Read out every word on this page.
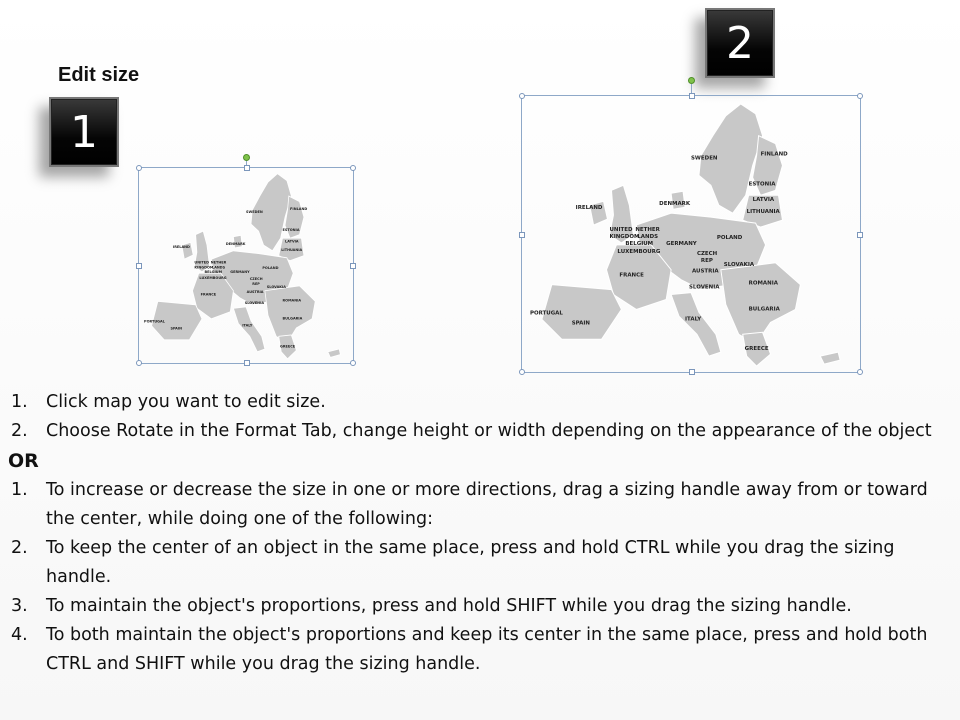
Edit size
1
2
FINLAND
SWEDEN
ESTONIA
LATVIA
LITHUANIA
IRELAND
DENMARK
UNITED
KINGDOM
NETHER
LANDS
BELGIUM
LUXEMBOURG
GERMANY
POLAND
CZECH
REP
SLOVAKIA
AUSTRIA
FRANCE
SLOVENIA
ROMANIA
BULGARIA
ITALY
PORTUGAL
SPAIN
GREECE
FINLAND
SWEDEN
ESTONIA
LATVIA
LITHUANIA
IRELAND
DENMARK
UNITED
KINGDOM
NETHER
LANDS
BELGIUM
LUXEMBOURG
GERMANY
POLAND
CZECH
REP
SLOVAKIA
AUSTRIA
FRANCE
SLOVENIA
ROMANIA
BULGARIA
ITALY
PORTUGAL
SPAIN
GREECE
1. Click map you want to edit size.
2. Choose Rotate in the Format Tab, change height or width depending on the appearance of the object
OR
1. To increase or decrease the size in one or more directions, drag a sizing handle away from or toward the center, while doing one of the following:
2. To keep the center of an object in the same place, press and hold CTRL while you drag the sizing handle.
3. To maintain the object's proportions, press and hold SHIFT while you drag the sizing handle.
4. To both maintain the object's proportions and keep its center in the same place, press and hold both CTRL and SHIFT while you drag the sizing handle.
